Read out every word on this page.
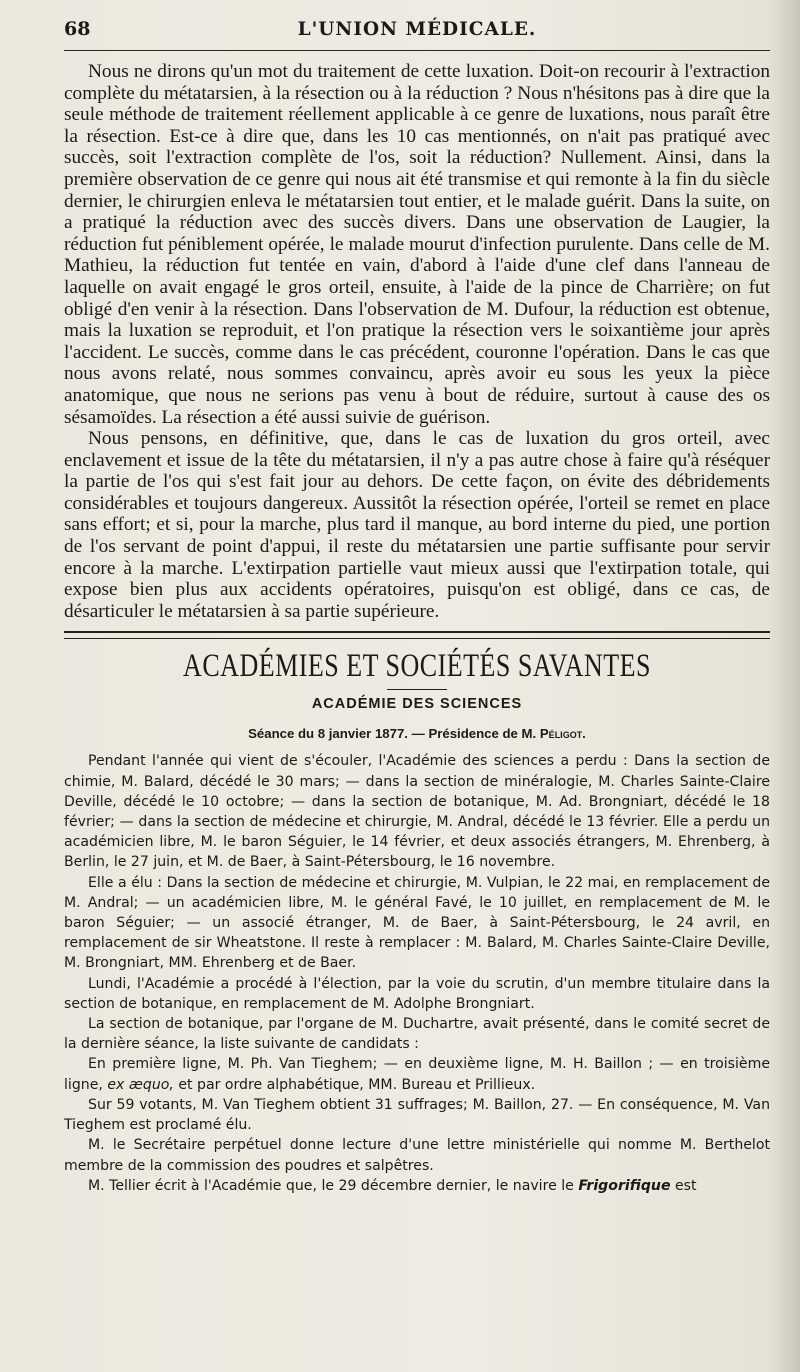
68	L'UNION MÉDICALE.

Nous ne dirons qu'un mot du traitement de cette luxation. Doit-on recourir à l'extraction complète du métatarsien, à la résection ou à la réduction ? Nous n'hésitons pas à dire que la seule méthode de traitement réellement applicable à ce genre de luxations, nous paraît être la résection. Est-ce à dire que, dans les 10 cas mentionnés, on n'ait pas pratiqué avec succès, soit l'extraction complète de l'os, soit la réduction? Nullement. Ainsi, dans la première observation de ce genre qui nous ait été transmise et qui remonte à la fin du siècle dernier, le chirurgien enleva le métatarsien tout entier, et le malade guérit. Dans la suite, on a pratiqué la réduction avec des succès divers. Dans une observation de Laugier, la réduction fut péniblement opérée, le malade mourut d'infection purulente. Dans celle de M. Mathieu, la réduction fut tentée en vain, d'abord à l'aide d'une clef dans l'anneau de laquelle on avait engagé le gros orteil, ensuite, à l'aide de la pince de Charrière; on fut obligé d'en venir à la résection. Dans l'observation de M. Dufour, la réduction est obtenue, mais la luxation se reproduit, et l'on pratique la résection vers le soixantième jour après l'accident. Le succès, comme dans le cas précédent, couronne l'opération. Dans le cas que nous avons relaté, nous sommes convaincu, après avoir eu sous les yeux la pièce anatomique, que nous ne serions pas venu à bout de réduire, surtout à cause des os sésamoïdes. La résection a été aussi suivie de guérison.

Nous pensons, en définitive, que, dans le cas de luxation du gros orteil, avec enclavement et issue de la tête du métatarsien, il n'y a pas autre chose à faire qu'à réséquer la partie de l'os qui s'est fait jour au dehors. De cette façon, on évite des débridements considérables et toujours dangereux. Aussitôt la résection opérée, l'orteil se remet en place sans effort; et si, pour la marche, plus tard il manque, au bord interne du pied, une portion de l'os servant de point d'appui, il reste du métatarsien une partie suffisante pour servir encore à la marche. L'extirpation partielle vaut mieux aussi que l'extirpation totale, qui expose bien plus aux accidents opératoires, puisqu'on est obligé, dans ce cas, de désarticuler le métatarsien à sa partie supérieure.

ACADÉMIES ET SOCIÉTÉS SAVANTES
ACADÉMIE DES SCIENCES
Séance du 8 janvier 1877. — Présidence de M. Péligot.

Pendant l'année qui vient de s'écouler, l'Académie des sciences a perdu : Dans la section de chimie, M. Balard, décédé le 30 mars; — dans la section de minéralogie, M. Charles Sainte-Claire Deville, décédé le 10 octobre; — dans la section de botanique, M. Ad. Brongniart, décédé le 18 février; — dans la section de médecine et chirurgie, M. Andral, décédé le 13 février. Elle a perdu un académicien libre, M. le baron Séguier, le 14 février, et deux associés étrangers, M. Ehrenberg, à Berlin, le 27 juin, et M. de Baer, à Saint-Pétersbourg, le 16 novembre.

Elle a élu : Dans la section de médecine et chirurgie, M. Vulpian, le 22 mai, en remplacement de M. Andral; — un académicien libre, M. le général Favé, le 10 juillet, en remplacement de M. le baron Séguier; — un associé étranger, M. de Baer, à Saint-Pétersbourg, le 24 avril, en remplacement de sir Wheatstone. Il reste à remplacer : M. Balard, M. Charles Sainte-Claire Deville, M. Brongniart, MM. Ehrenberg et de Baer.

Lundi, l'Académie a procédé à l'élection, par la voie du scrutin, d'un membre titulaire dans la section de botanique, en remplacement de M. Adolphe Brongniart.

La section de botanique, par l'organe de M. Duchartre, avait présenté, dans le comité secret de la dernière séance, la liste suivante de candidats :

En première ligne, M. Ph. Van Tieghem; — en deuxième ligne, M. H. Baillon ; — en troisième ligne, ex æquo, et par ordre alphabétique, MM. Bureau et Prillieux.

Sur 59 votants, M. Van Tieghem obtient 31 suffrages; M. Baillon, 27. — En conséquence, M. Van Tieghem est proclamé élu.

M. le Secrétaire perpétuel donne lecture d'une lettre ministérielle qui nomme M. Berthelot membre de la commission des poudres et salpêtres.

M. Tellier écrit à l'Académie que, le 29 décembre dernier, le navire le Frigorifique est
